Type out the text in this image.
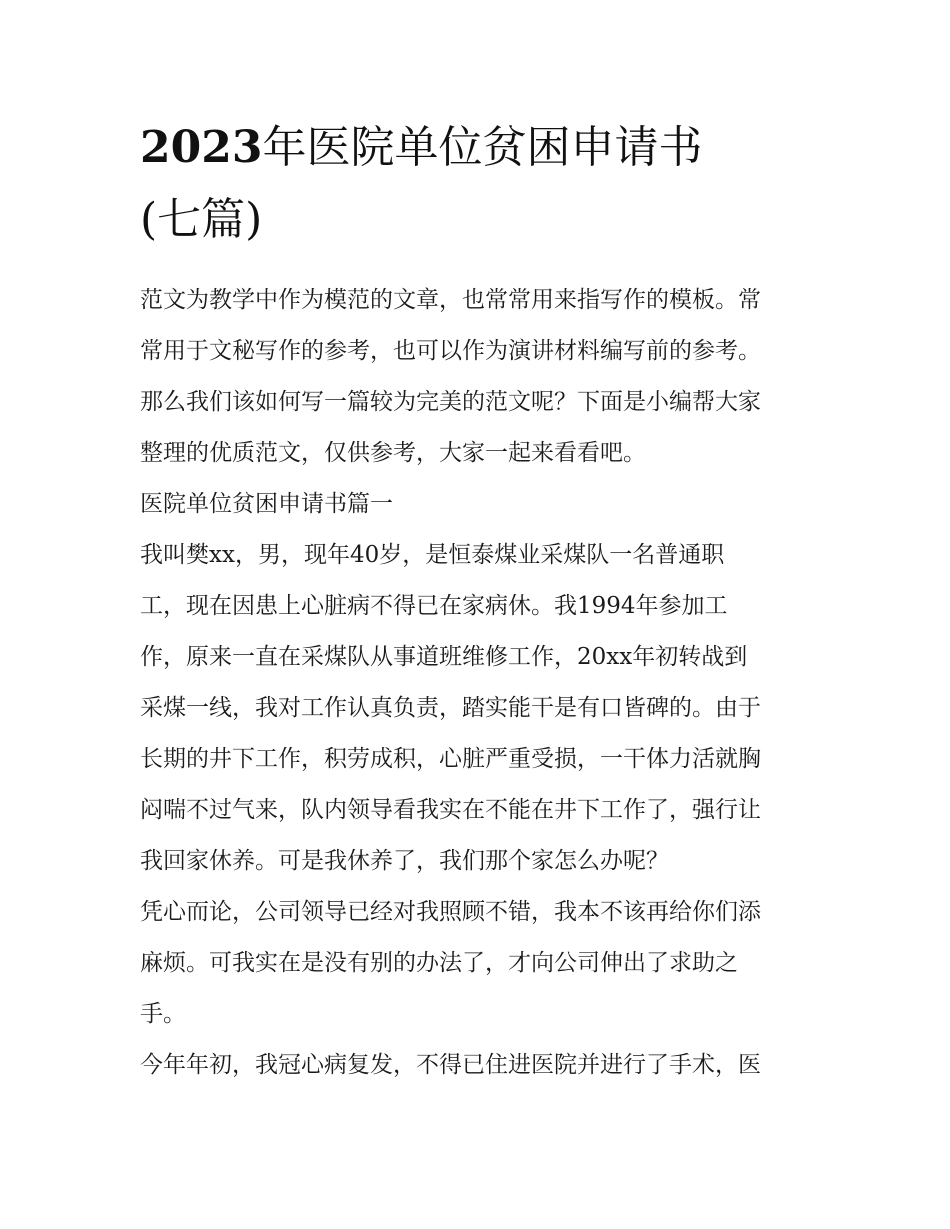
2023年医院单位贫困申请书
(七篇)
范文为教学中作为模范的文章，也常常用来指写作的模板。常
常用于文秘写作的参考，也可以作为演讲材料编写前的参考。
那么我们该如何写一篇较为完美的范文呢？下面是小编帮大家
整理的优质范文，仅供参考，大家一起来看看吧。
医院单位贫困申请书篇一
我叫樊xx，男，现年40岁，是恒泰煤业采煤队一名普通职
工，现在因患上心脏病不得已在家病休。我1994年参加工
作，原来一直在采煤队从事道班维修工作，20xx年初转战到
采煤一线，我对工作认真负责，踏实能干是有口皆碑的。由于
长期的井下工作，积劳成积，心脏严重受损，一干体力活就胸
闷喘不过气来，队内领导看我实在不能在井下工作了，强行让
我回家休养。可是我休养了，我们那个家怎么办呢？
凭心而论，公司领导已经对我照顾不错，我本不该再给你们添
麻烦。可我实在是没有别的办法了，才向公司伸出了求助之
手。
今年年初，我冠心病复发，不得已住进医院并进行了手术，医
